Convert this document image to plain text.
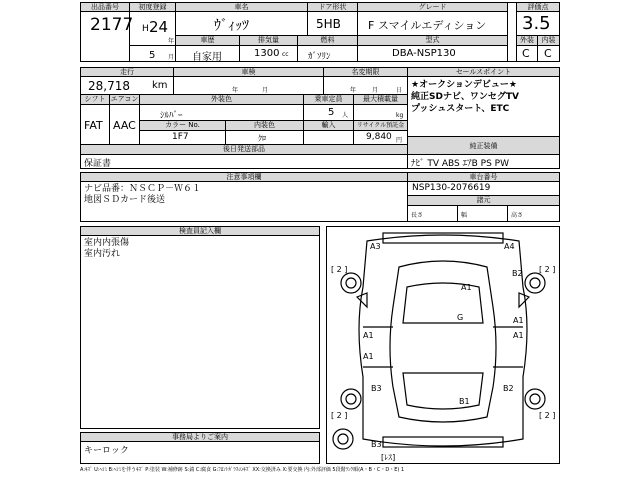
出品番号
2177
初度登録
H 24
年
5 月
車名
ｳﾞｨｯﾂ
ドア形状
5HB
グレード
F スマイルエディション
評価点
3.5
外装	内装
C C
車歴
自家用
排気量
1300 cc
燃料
ｶﾞｿﾘﾝ
型式
DBA-NSP130
走行
28,718 km
車検
年	月
名変期限
年	月	日
セールスポイント
★オークションデビュー★
純正SDナビ、ワンセグTV
プッシュスタート、ETC
シフト エアコン
FAT AAC
外装色
ｼﾙﾊﾞｰ
乗車定員
5 人
最大積載量
kg
カラー No.
1F7
内装色
ｸﾛ
輸入	リサイクル預託金
9,840 円
後日発送部品
保証書
純正装備
ﾅﾋﾞ TV ABS ｴｱB PS PW
注意事項欄
ナビ品番：ＮＳＣＰ－Ｗ６１
地図ＳＤカード後送
車台番号
NSP130-2076619
諸元
長さ	幅	高さ
検査員記入欄
室内内張傷
室内汚れ
事務局よりご案内
キーロック
A3	A4
[ 2 ]	B2 [ 2 ]
A1
G	A1
A1	A1
A1
B3	B2
B1
[ 2 ]	[ 2 ]
B3
[ﾚｽ]
A:ｷｽﾞ U:ﾍｺﾐ B:ﾍｺﾐを伴うｷｽﾞ P:塗装 W:補修跡 S:錆 C:腐食 G:ﾌﾛﾝﾄｶﾞﾗｽのｷｽﾞ XX:交換済み X:要交換 内:外部評価 5段階ﾗﾝｸ順(A・B・C・D・E) 1
